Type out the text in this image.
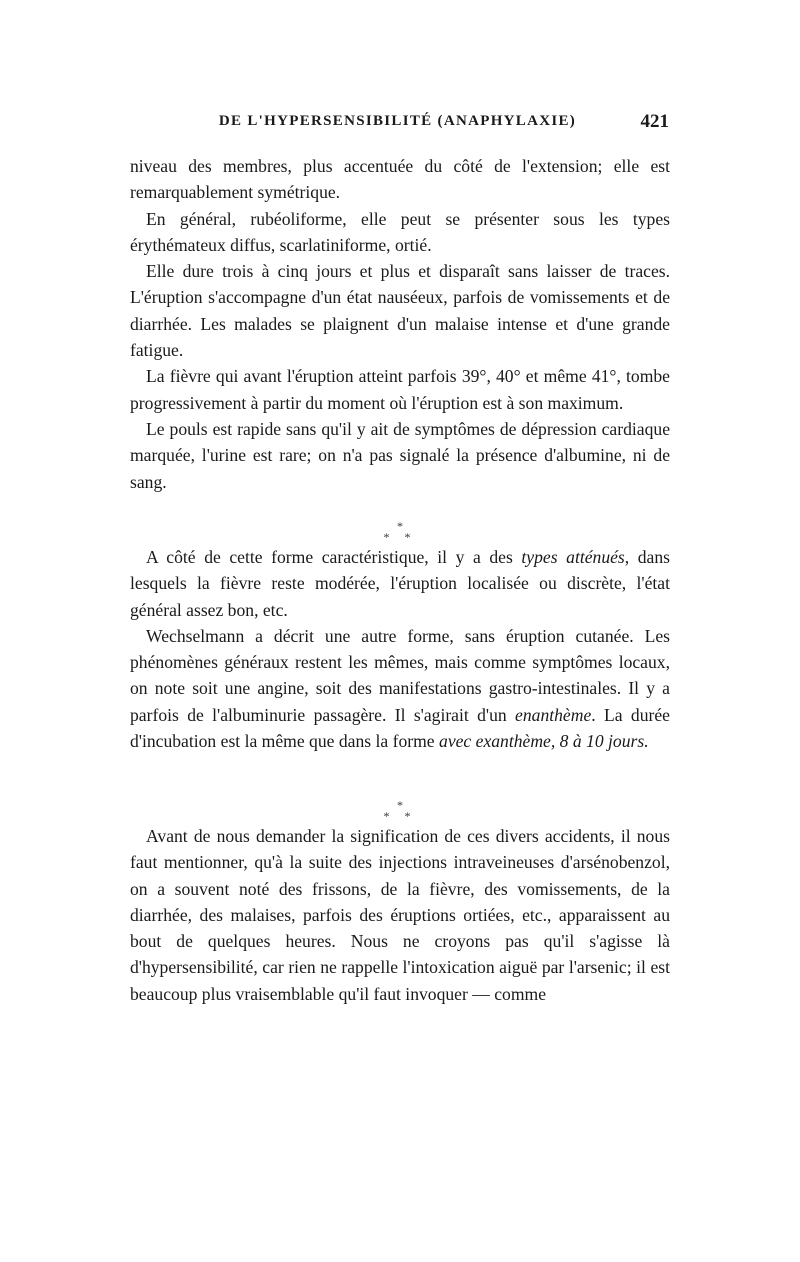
DE L'HYPERSENSIBILITÉ (ANAPHYLAXIE)	421

niveau des membres, plus accentuée du côté de l'extension; elle est remarquablement symétrique.

En général, rubéoliforme, elle peut se présenter sous les types érythémateux diffus, scarlatiniforme, ortié.

Elle dure trois à cinq jours et plus et disparaît sans laisser de traces. L'éruption s'accompagne d'un état nauséeux, parfois de vomissements et de diarrhée. Les malades se plaignent d'un malaise intense et d'une grande fatigue.

La fièvre qui avant l'éruption atteint parfois 39°, 40° et même 41°, tombe progressivement à partir du moment où l'éruption est à son maximum.

Le pouls est rapide sans qu'il y ait de symptômes de dépression cardiaque marquée, l'urine est rare; on n'a pas signalé la présence d'albumine, ni de sang.

*
* *

A côté de cette forme caractéristique, il y a des types atténués, dans lesquels la fièvre reste modérée, l'éruption localisée ou discrète, l'état général assez bon, etc.

Wechselmann a décrit une autre forme, sans éruption cutanée. Les phénomènes généraux restent les mêmes, mais comme symptômes locaux, on note soit une angine, soit des manifestations gastro-intestinales. Il y a parfois de l'albuminurie passagère. Il s'agirait d'un enanthème. La durée d'incubation est la même que dans la forme avec exanthème, 8 à 10 jours.

*
* *

Avant de nous demander la signification de ces divers accidents, il nous faut mentionner, qu'à la suite des injections intraveineuses d'arsénobenzol, on a souvent noté des frissons, de la fièvre, des vomissements, de la diarrhée, des malaises, parfois des éruptions ortiées, etc., apparaissent au bout de quelques heures. Nous ne croyons pas qu'il s'agisse là d'hypersensibilité, car rien ne rappelle l'intoxication aiguë par l'arsenic; il est beaucoup plus vraisemblable qu'il faut invoquer — comme
